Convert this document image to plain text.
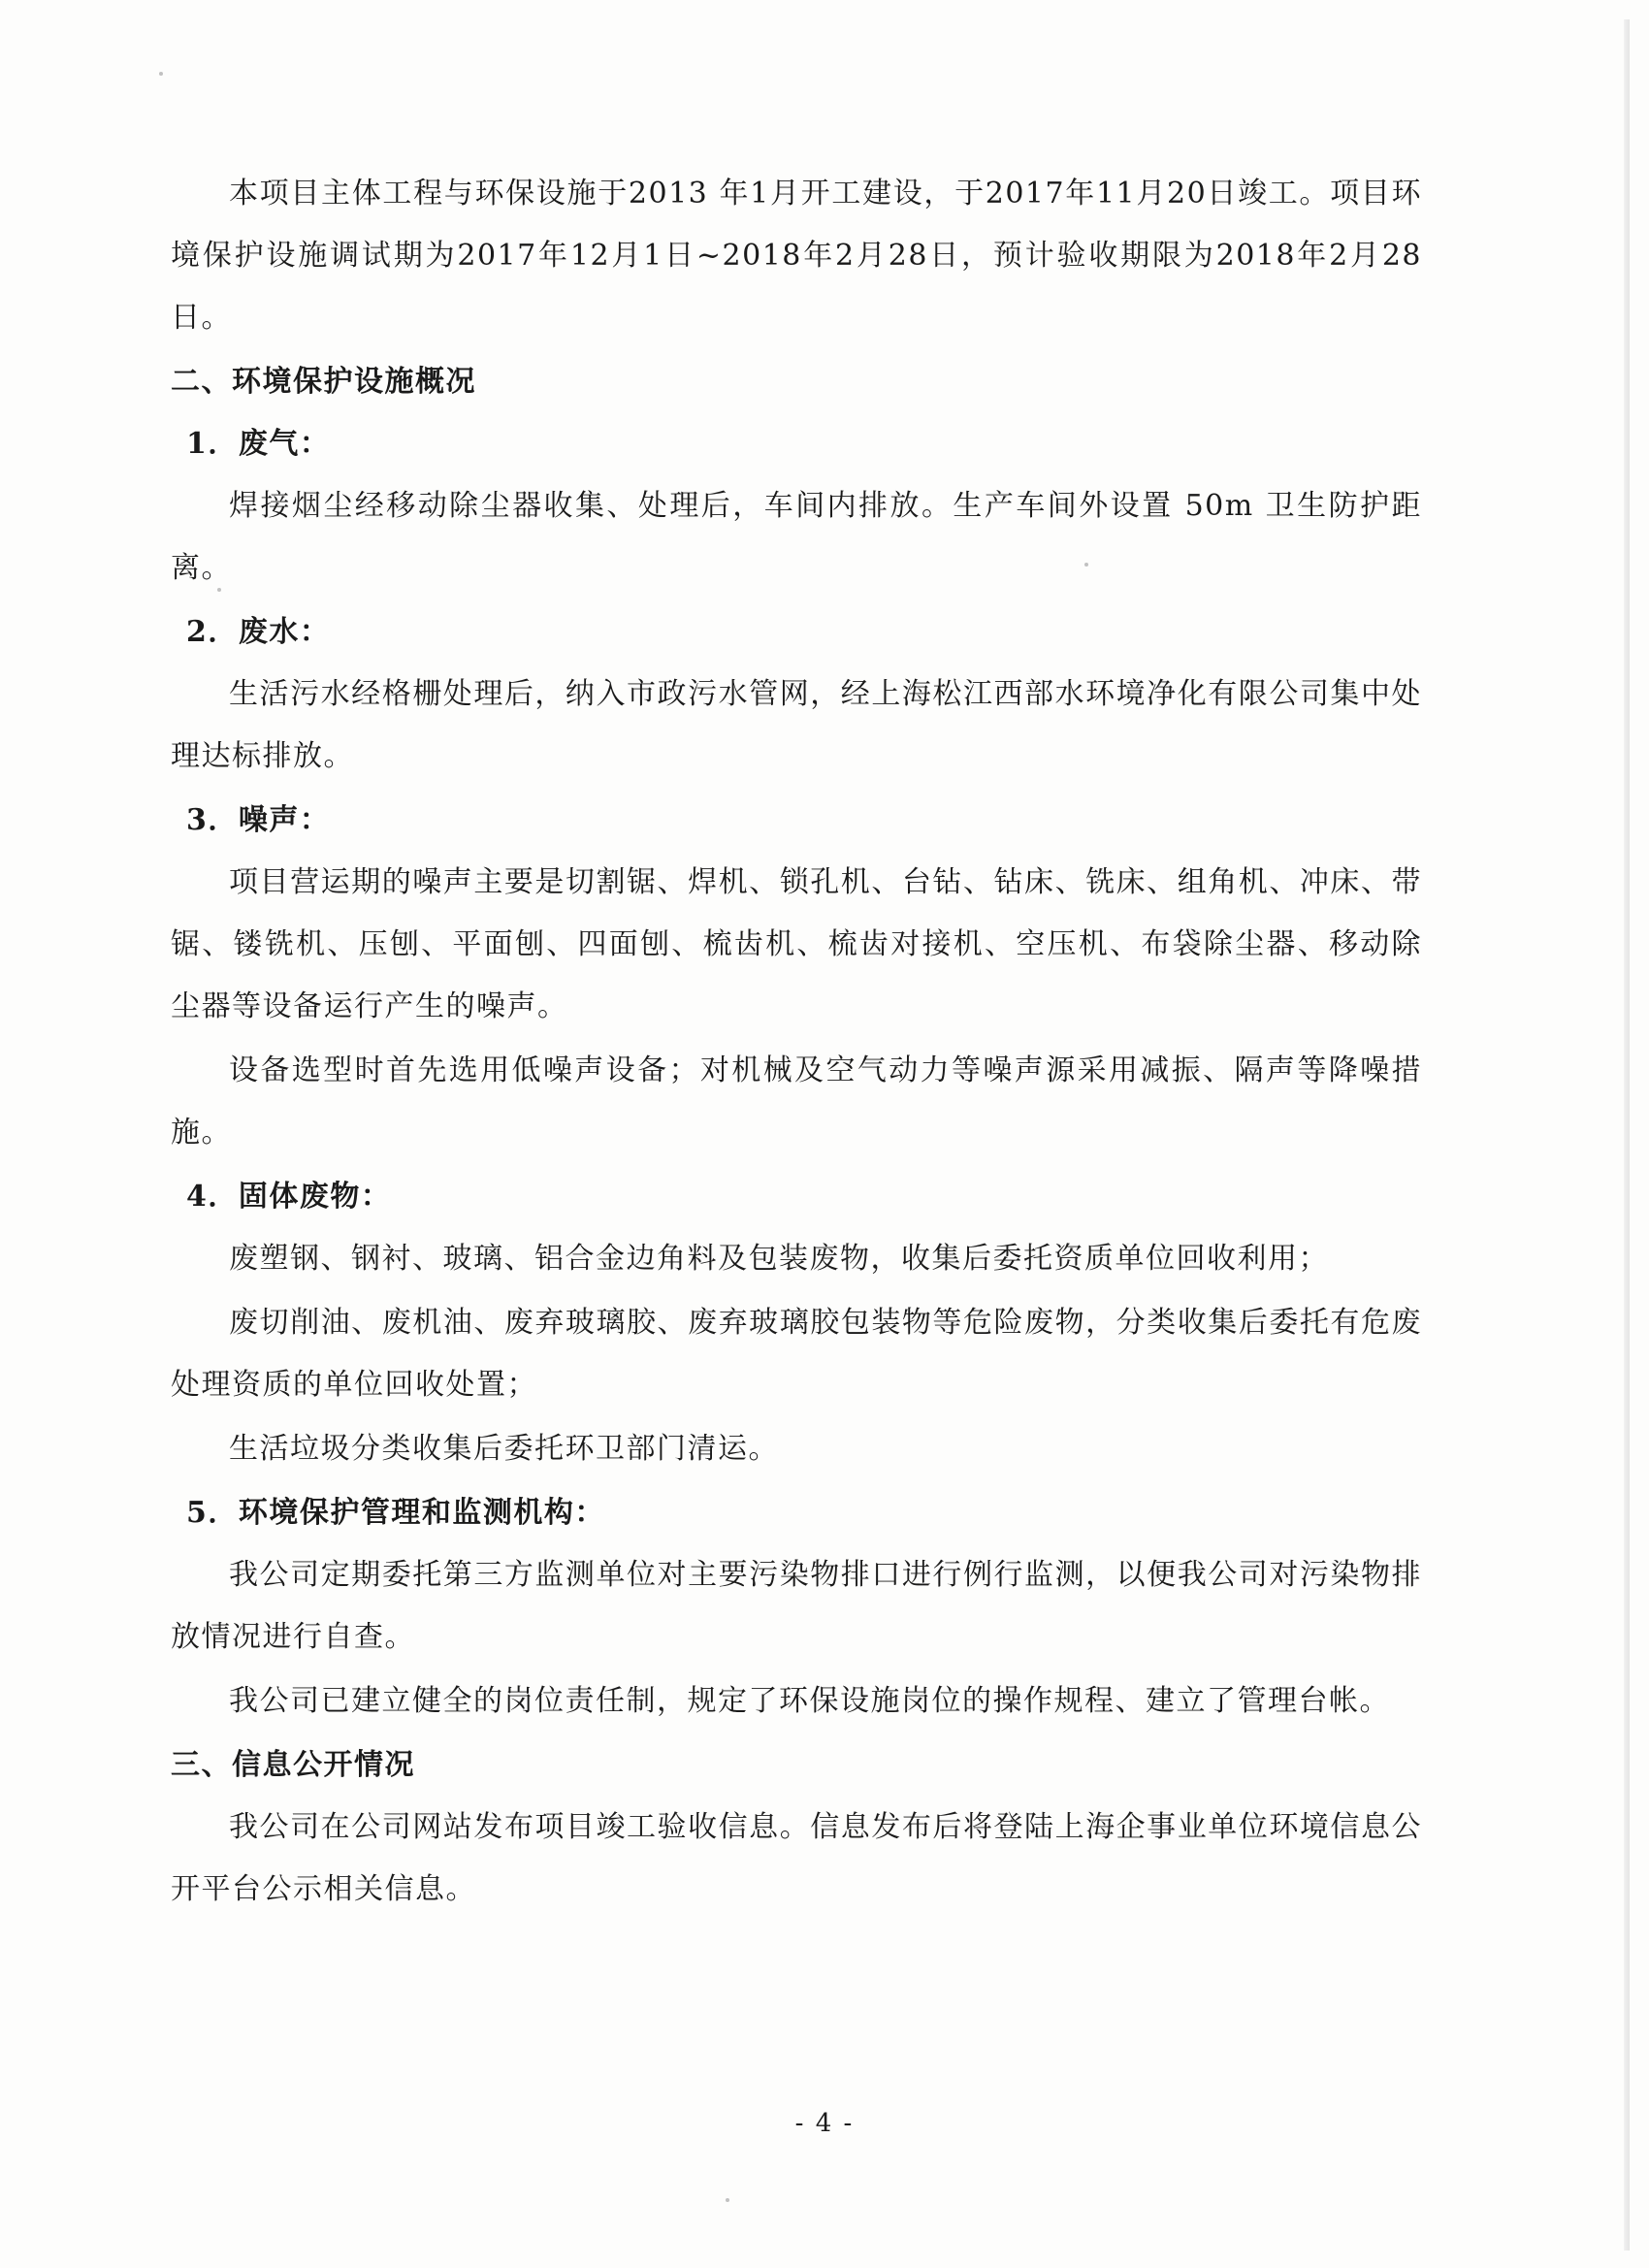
本项目主体工程与环保设施于2013 年1月开工建设，于2017年11月20日竣工。项目环境保护设施调试期为2017年12月1日~2018年2月28日，预计验收期限为2018年2月28日。

二、环境保护设施概况

1．废气：

焊接烟尘经移动除尘器收集、处理后，车间内排放。生产车间外设置 50m 卫生防护距离。

2．废水：

生活污水经格栅处理后，纳入市政污水管网，经上海松江西部水环境净化有限公司集中处理达标排放。

3．噪声：

项目营运期的噪声主要是切割锯、焊机、锁孔机、台钻、钻床、铣床、组角机、冲床、带锯、镂铣机、压刨、平面刨、四面刨、梳齿机、梳齿对接机、空压机、布袋除尘器、移动除尘器等设备运行产生的噪声。

设备选型时首先选用低噪声设备；对机械及空气动力等噪声源采用减振、隔声等降噪措施。

4．固体废物：

废塑钢、钢衬、玻璃、铝合金边角料及包装废物，收集后委托资质单位回收利用；

废切削油、废机油、废弃玻璃胶、废弃玻璃胶包装物等危险废物，分类收集后委托有危废处理资质的单位回收处置；

生活垃圾分类收集后委托环卫部门清运。

5．环境保护管理和监测机构：

我公司定期委托第三方监测单位对主要污染物排口进行例行监测，以便我公司对污染物排放情况进行自查。

我公司已建立健全的岗位责任制，规定了环保设施岗位的操作规程、建立了管理台帐。

三、信息公开情况

我公司在公司网站发布项目竣工验收信息。信息发布后将登陆上海企事业单位环境信息公开平台公示相关信息。

- 4 -
